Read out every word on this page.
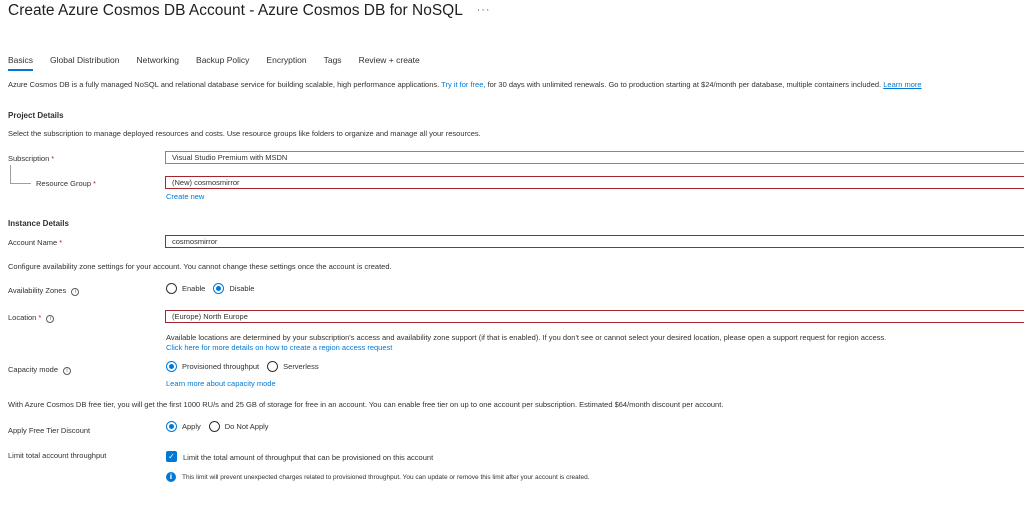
Create Azure Cosmos DB Account - Azure Cosmos DB for NoSQL ···
Basics Global Distribution Networking Backup Policy Encryption Tags Review + create
Azure Cosmos DB is a fully managed NoSQL and relational database service for building scalable, high performance applications. Try it for free, for 30 days with unlimited renewals. Go to production starting at $24/month per database, multiple containers included. Learn more
Project Details
Select the subscription to manage deployed resources and costs. Use resource groups like folders to organize and manage all your resources.
Subscription *	Visual Studio Premium with MSDN
Resource Group *	(New) cosmosmirror
Create new
Instance Details
Account Name *	cosmosmirror
Configure availability zone settings for your account. You cannot change these settings once the account is created.
Availability Zones i	Enable	Disable
Location * i	(Europe) North Europe
Available locations are determined by your subscription's access and availability zone support (if that is enabled). If you don't see or cannot select your desired location, please open a support request for region access.
Click here for more details on how to create a region access request
Capacity mode i	Provisioned throughput	Serverless
Learn more about capacity mode
With Azure Cosmos DB free tier, you will get the first 1000 RU/s and 25 GB of storage for free in an account. You can enable free tier on up to one account per subscription. Estimated $64/month discount per account.
Apply Free Tier Discount	Apply	Do Not Apply
Limit total account throughput	✓ Limit the total amount of throughput that can be provisioned on this account
i	This limit will prevent unexpected charges related to provisioned throughput. You can update or remove this limit after your account is created.
